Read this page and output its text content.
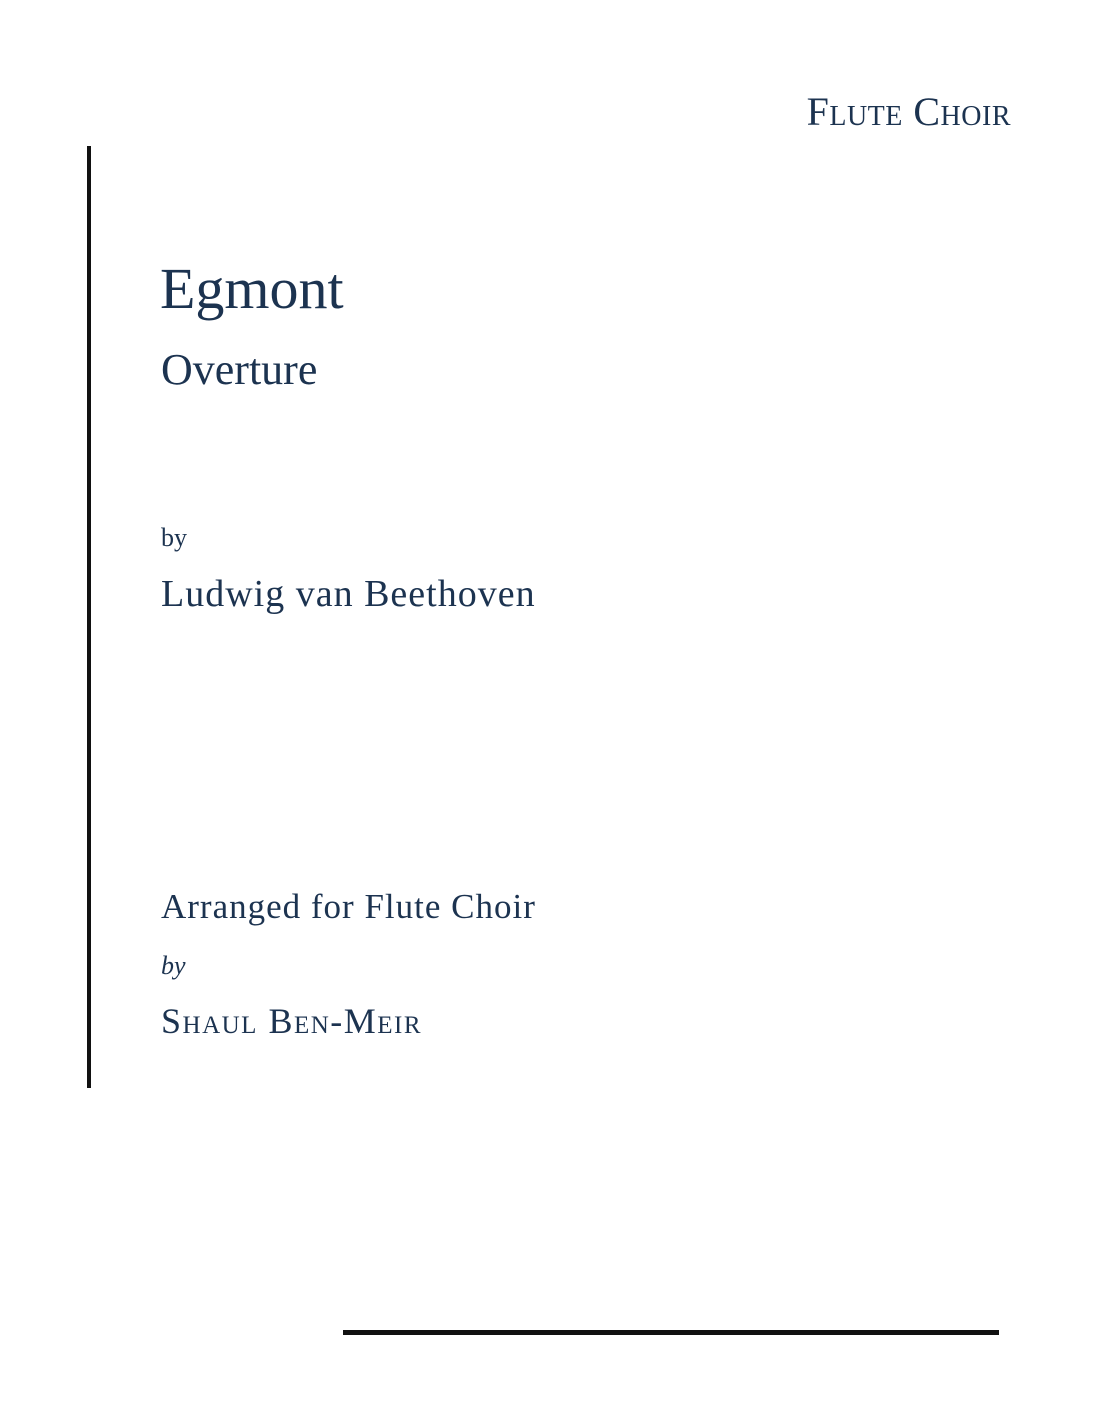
Flute Choir
Egmont
Overture
by
Ludwig van Beethoven
Arranged for Flute Choir
by
Shaul Ben-Meir
